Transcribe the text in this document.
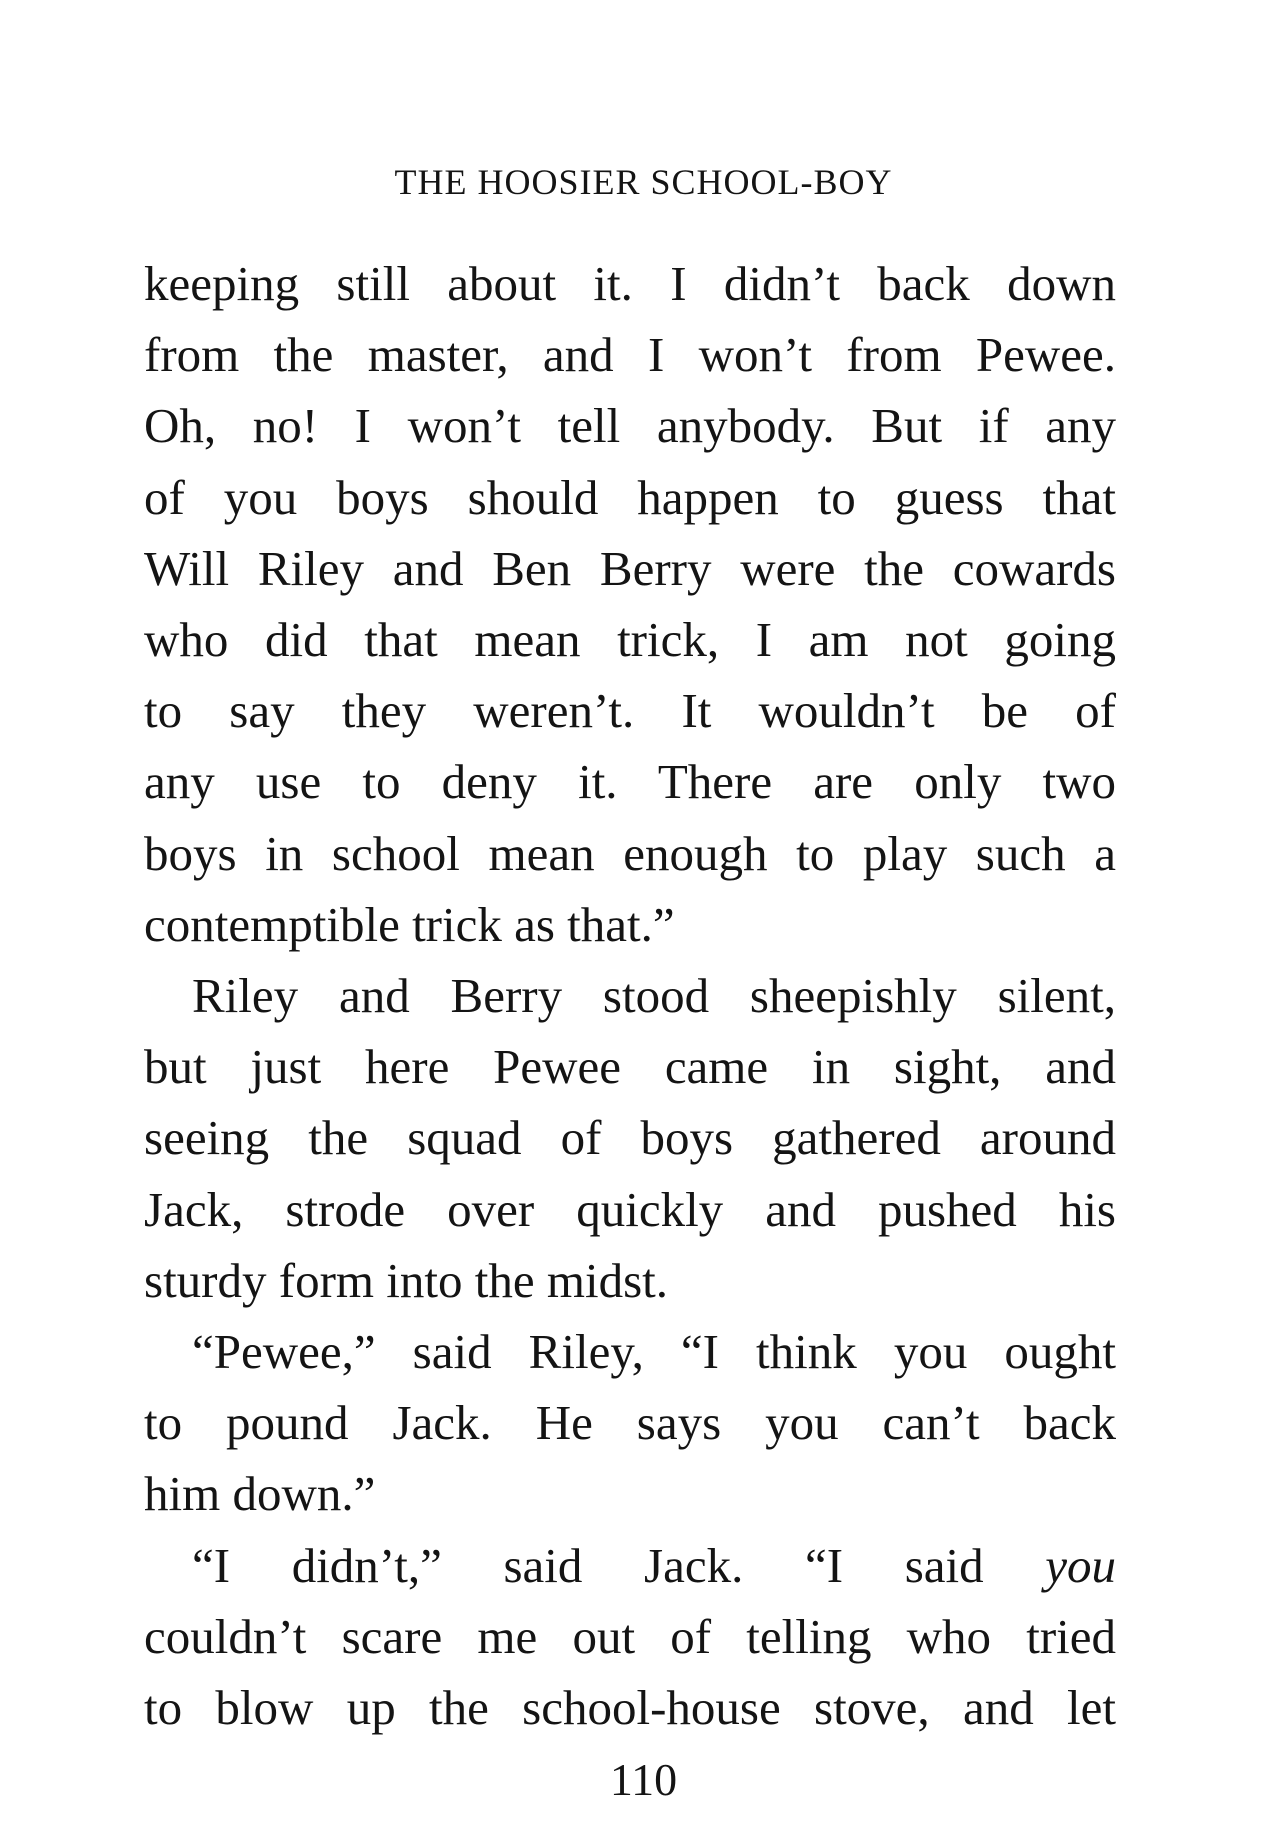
THE HOOSIER SCHOOL-BOY

keeping still about it. I didn’t back down
from the master, and I won’t from Pewee.
Oh, no! I won’t tell anybody. But if any
of you boys should happen to guess that
Will Riley and Ben Berry were the cowards
who did that mean trick, I am not going
to say they weren’t. It wouldn’t be of
any use to deny it. There are only two
boys in school mean enough to play such a
contemptible trick as that.”

Riley and Berry stood sheepishly silent,
but just here Pewee came in sight, and
seeing the squad of boys gathered around
Jack, strode over quickly and pushed his
sturdy form into the midst.

“Pewee,” said Riley, “I think you ought
to pound Jack. He says you can’t back
him down.”

“I didn’t,” said Jack. “I said you
couldn’t scare me out of telling who tried
to blow up the school-house stove, and let

110
